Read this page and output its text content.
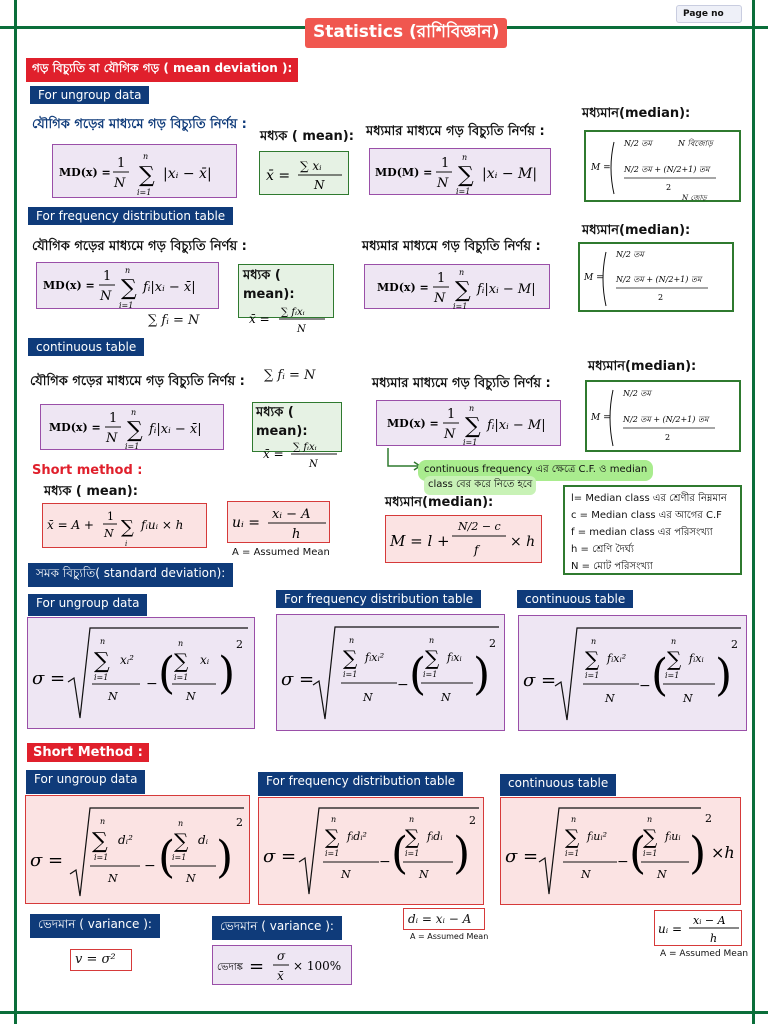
Statistics (রাশিবিজ্ঞান)
Page no
গড় বিচ্যুতি বা যৌগিক গড় ( mean deviation ):
For ungroup data
যৌগিক গড়ের মাধ্যমে গড় বিচ্যুতি নির্ণয় :
মধ্যক ( mean): মধ্যমার মাধ্যমে গড় বিচ্যুতি নির্ণয় :
মধ্যমান(median):
MD(x) =
1
N ∑
n
i=1
|xᵢ − x̄|	x̄ =
∑ xᵢ
N
MD(M) =
1
N ∑
n
i=1
|xᵢ − M|	M =
N/2 তম	N বিজোড়
N/2 তম + (N/2+1) তম
2
N জোড়
For frequency distribution table
যৌগিক গড়ের মাধ্যমে গড় বিচ্যুতি নির্ণয় :	মধ্যমার মাধ্যমে গড় বিচ্যুতি নির্ণয় :
মধ্যমান(median):
MD(x) =
1
N ∑
n
i=1
fᵢ|xᵢ − x̄|
∑ fᵢ = N
মধ্যক ( mean):
x̄ = ∑ fᵢxᵢ
N
MD(x) =
1
N ∑
n
i=1
fᵢ|xᵢ − M|
M =
N/2 তম
N/2 তম + (N/2+1) তম
2
continuous table
যৌগিক গড়ের মাধ্যমে গড় বিচ্যুতি নির্ণয় : ∑ fᵢ = N
মধ্যমার মাধ্যমে গড় বিচ্যুতি নির্ণয় :
মধ্যমান(median):
MD(x) =
1
N ∑
n
i=1
fᵢ|xᵢ − x̄|
মধ্যক ( mean):
x̄ = ∑ fᵢxᵢ
N
MD(x) =
1
N ∑
n
i=1
fᵢ|xᵢ − M|	M =
N/2 তম
N/2 তম + (N/2+1) তম
2
continuous frequency এর ক্ষেত্রে C.F. ও median
class বের করে নিতে হবে
Short method :
মধ্যক ( mean):
x̄ = A +
1
N ∑
i
fᵢuᵢ × h	uᵢ =
xᵢ − A
h
A = Assumed Mean
মধ্যমান(median):
M = l +
N/2 − c
f × h
l= Median class এর শ্রেণীর নিম্নমান
c = Median class এর আগের C.F
f = median class এর পরিসংখ্যা
h = শ্রেণি দৈর্ঘ্য
N = মোট পরিসংখ্যা
সমক বিচ্যুতি( standard deviation):
For ungroup data	For frequency distribution table	continuous table
σ =
∑
n
i=1
xᵢ²
N
− (
∑
n
i=1
xᵢ
N )
2
σ =
∑
n
i=1
fᵢxᵢ²
N
− (
∑
n
i=1
fᵢxᵢ
N )
2
σ =
∑
n
i=1
fᵢxᵢ²
N
− (
∑
n
i=1
fᵢxᵢ
N )
2
Short Method :
For ungroup data	For frequency distribution table	continuous table
σ =
∑
n
i=1
dᵢ²
N
− (
∑
n
i=1
dᵢ
N )
2
σ =
∑
n
i=1
fᵢdᵢ²
N
− (
∑
n
i=1
fᵢdᵢ
N )
2
σ =
∑
n
i=1
fᵢuᵢ²
N
− (
∑
n
i=1
fᵢuᵢ
N )
2
×h
ভেদমান ( variance ):
v = σ²
ভেদমান ( variance ):
ভেদাঙ্ক = σ
x̄
× 100%
dᵢ = xᵢ − A
A = Assumed Mean
uᵢ =
xᵢ − A
h
A = Assumed Mean
